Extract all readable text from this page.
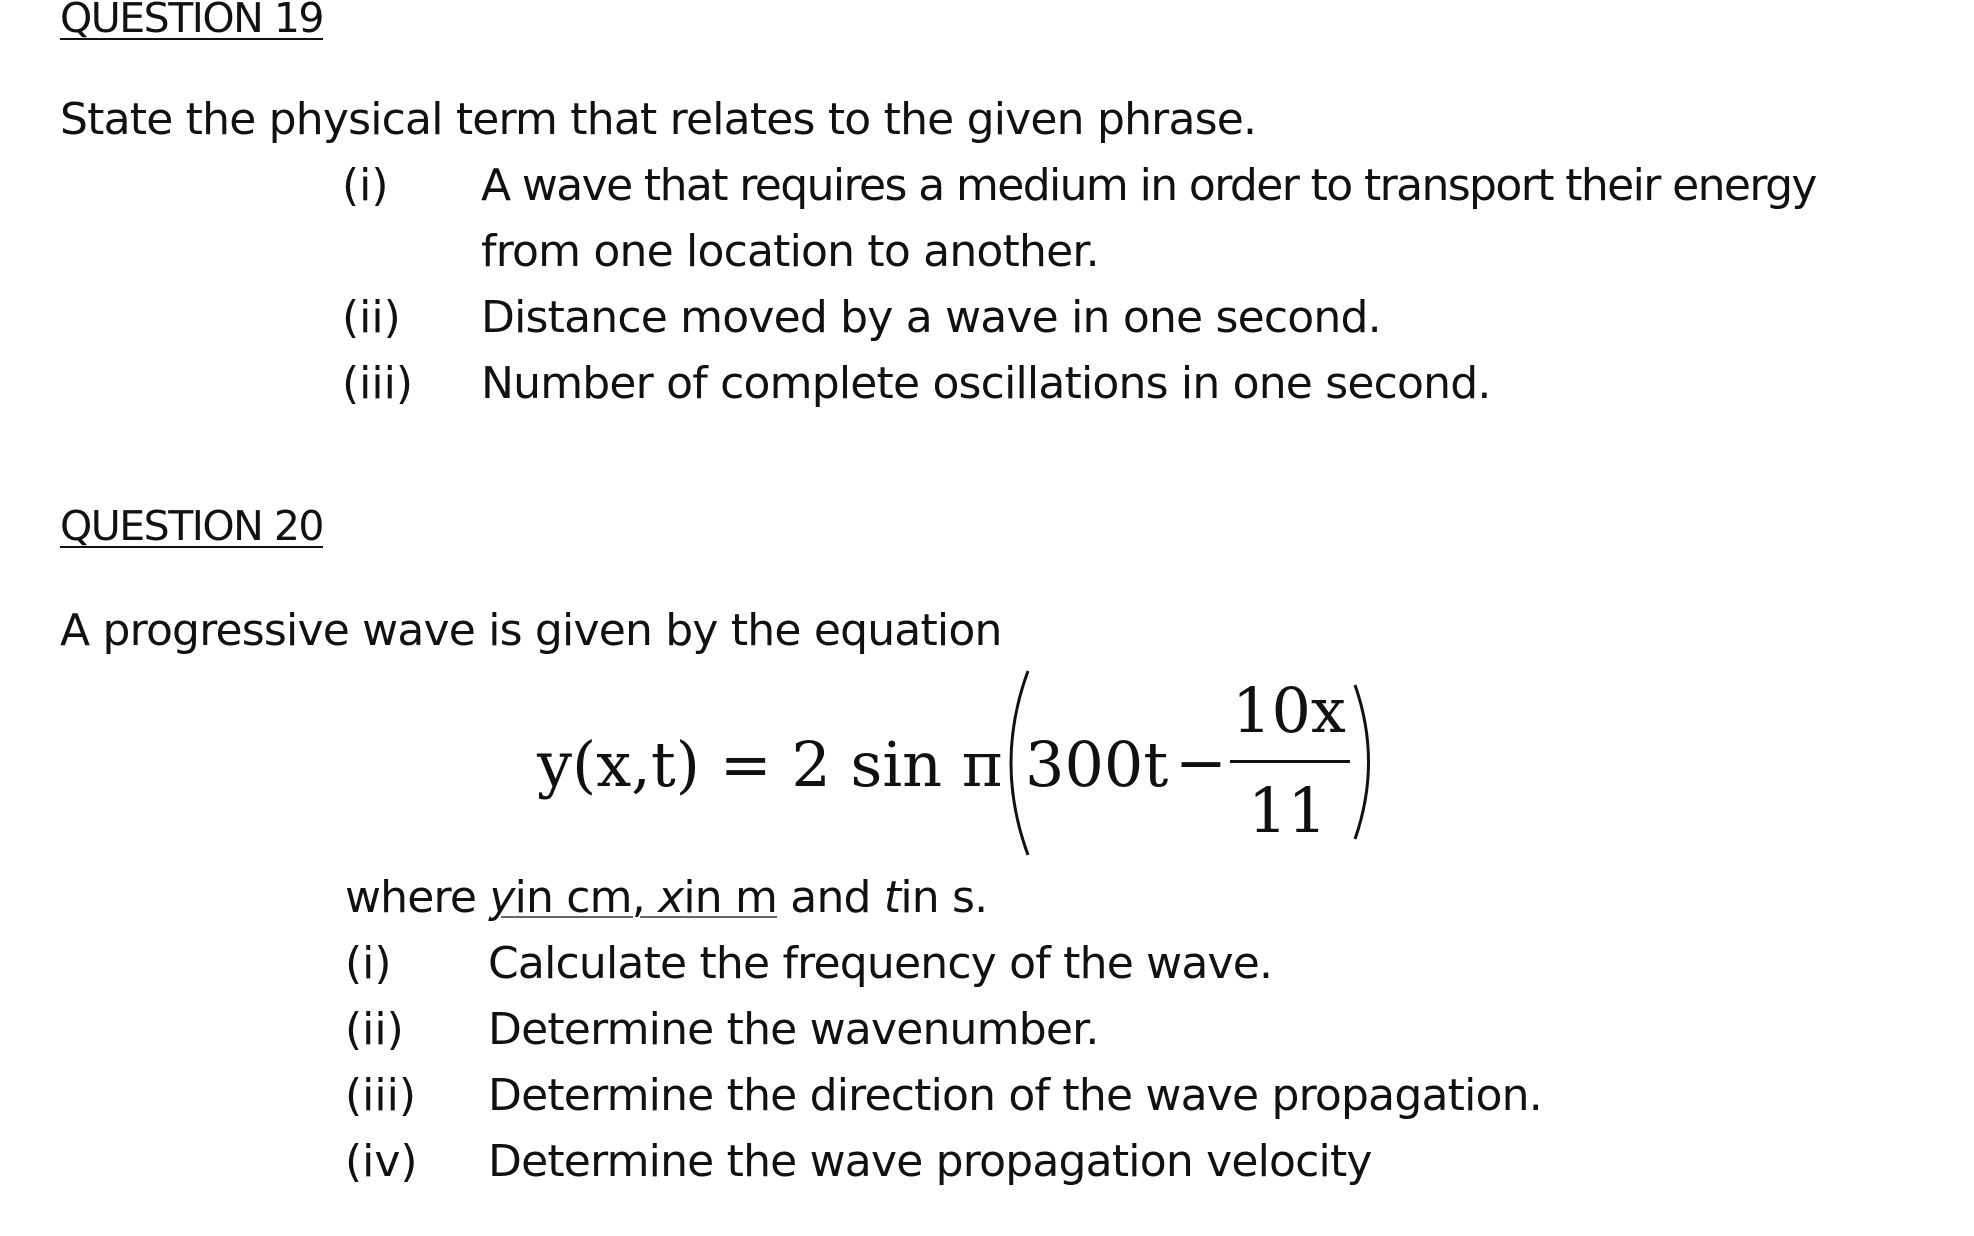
QUESTION 19
State the physical term that relates to the given phrase.
(i) A wave that requires a medium in order to transport their energy
from one location to another.
(ii) Distance moved by a wave in one second.
(iii) Number of complete oscillations in one second.
QUESTION 20
A progressive wave is given by the equation
y(x,t) = 2 sin π 300t −
10x
11
where yin cm, xin m and tin s.
(i) Calculate the frequency of the wave.
(ii) Determine the wavenumber.
(iii) Determine the direction of the wave propagation.
(iv) Determine the wave propagation velocity
